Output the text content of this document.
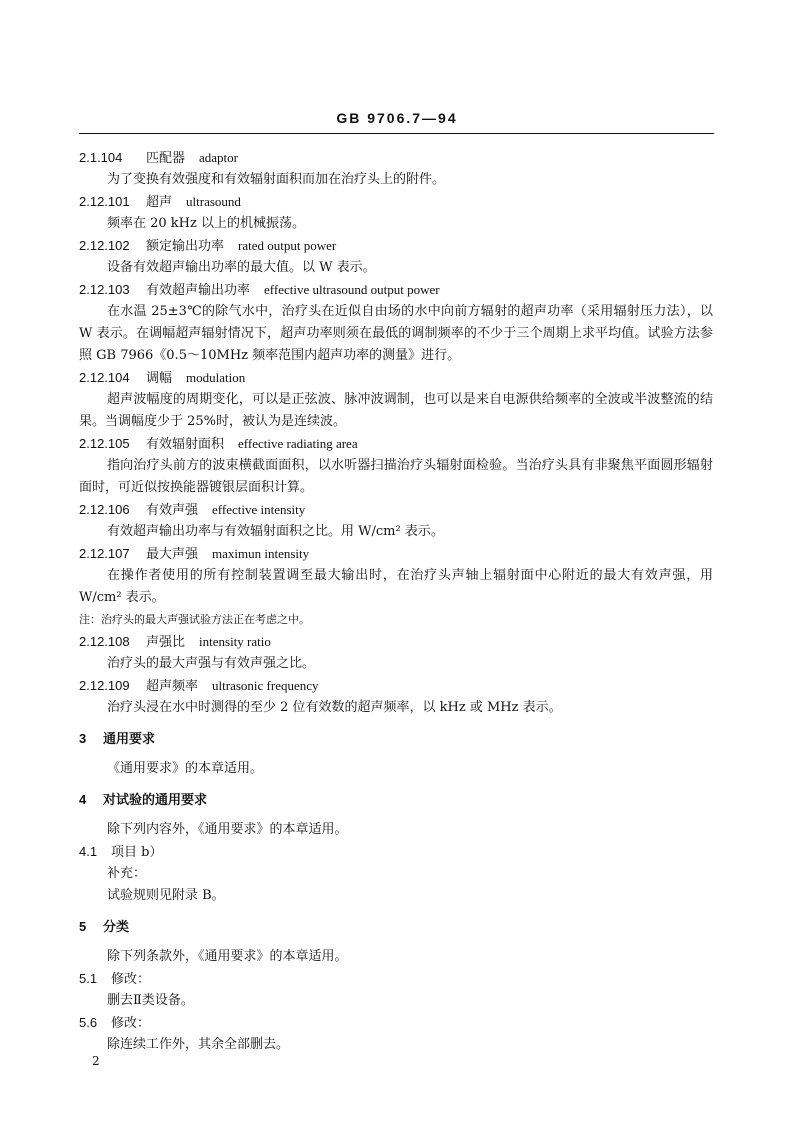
GB 9706.7—94
2.1.104 匹配器 adaptor
为了变换有效强度和有效辐射面积而加在治疗头上的附件。
2.12.101 超声 ultrasound
频率在 20 kHz 以上的机械振荡。
2.12.102 额定输出功率 rated output power
设备有效超声输出功率的最大值。以 W 表示。
2.12.103 有效超声输出功率 effective ultrasound output power

在水温 25±3℃的除气水中，治疗头在近似自由场的水中向前方辐射的超声功率（采用辐射压力法），以 W 表示。在调幅超声辐射情况下，超声功率则须在最低的调制频率的不少于三个周期上求平均值。试验方法参照 GB 7966《0.5～10MHz 频率范围内超声功率的测量》进行。

2.12.104 调幅 modulation

超声波幅度的周期变化，可以是正弦波、脉冲波调制，也可以是来自电源供给频率的全波或半波整流的结果。当调幅度少于 25%时，被认为是连续波。

2.12.105 有效辐射面积 effective radiating area

指向治疗头前方的波束横截面面积，以水听器扫描治疗头辐射面检验。当治疗头具有非聚焦平面圆形辐射面时，可近似按换能器镀银层面积计算。

2.12.106 有效声强 effective intensity
有效超声输出功率与有效辐射面积之比。用 W/cm² 表示。
2.12.107 最大声强 maximun intensity

在操作者使用的所有控制装置调至最大输出时，在治疗头声轴上辐射面中心附近的最大有效声强，用 W/cm² 表示。

注：治疗头的最大声强试验方法正在考虑之中。
2.12.108 声强比 intensity ratio
治疗头的最大声强与有效声强之比。
2.12.109 超声频率 ultrasonic frequency
治疗头浸在水中时测得的至少 2 位有效数的超声频率，以 kHz 或 MHz 表示。
3 通用要求
《通用要求》的本章适用。
4 对试验的通用要求
除下列内容外，《通用要求》的本章适用。
4.1 项目 b）
补充：
试验规则见附录 B。
5 分类
除下列条款外，《通用要求》的本章适用。
5.1 修改：
删去Ⅱ类设备。
5.6 修改：
除连续工作外，其余全部删去。
2
